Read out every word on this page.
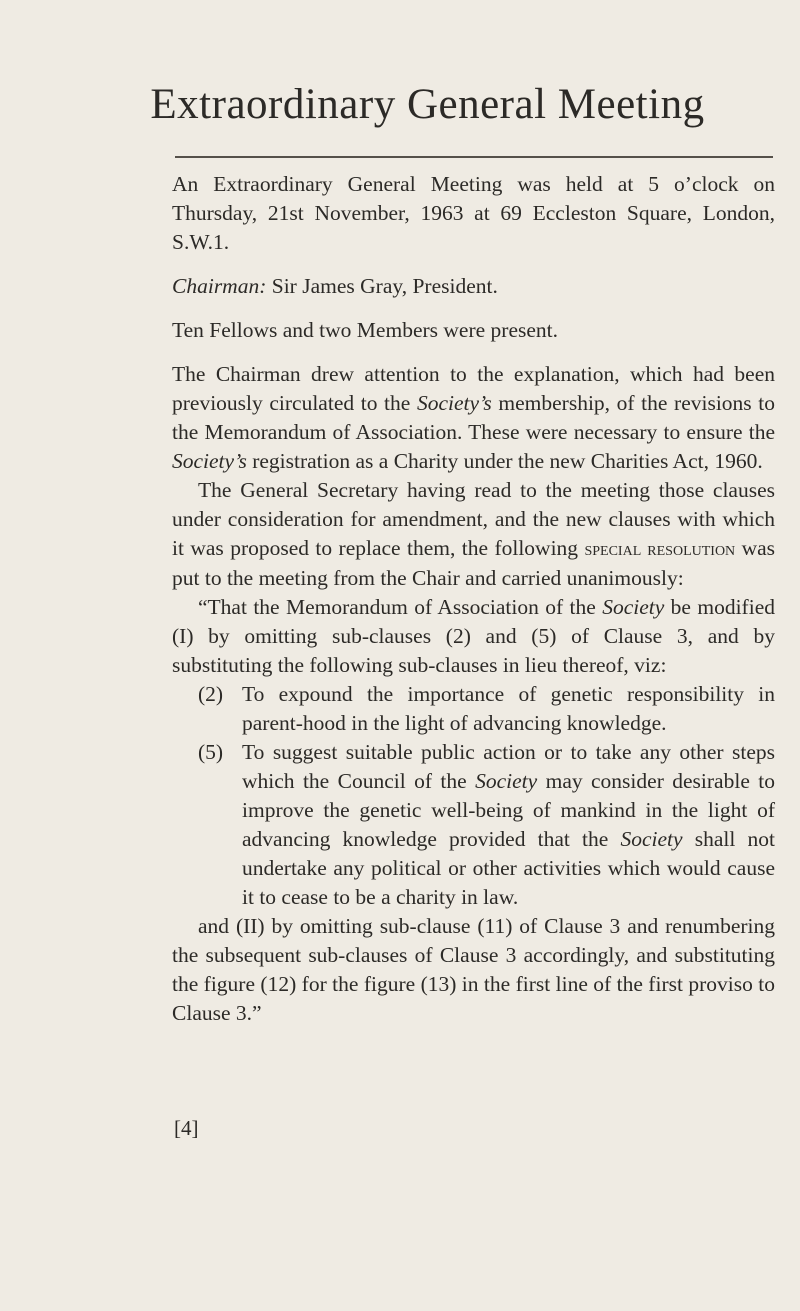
Extraordinary General Meeting

An Extraordinary General Meeting was held at 5 o’clock on Thursday, 21st November, 1963 at 69 Eccleston Square, London, S.W.1.

Chairman: Sir James Gray, President.

Ten Fellows and two Members were present.

The Chairman drew attention to the explanation, which had been previously circulated to the Society’s membership, of the revisions to the Memorandum of Association. These were necessary to ensure the Society’s registration as a Charity under the new Charities Act, 1960.

The General Secretary having read to the meeting those clauses under consideration for amendment, and the new clauses with which it was proposed to replace them, the following special resolution was put to the meeting from the Chair and carried unanimously:

“That the Memorandum of Association of the Society be modified (I) by omitting sub-clauses (2) and (5) of Clause 3, and by substituting the following sub-clauses in lieu thereof, viz:

(2) To expound the importance of genetic responsibility in parent-hood in the light of advancing knowledge.
(5) To suggest suitable public action or to take any other steps which the Council of the Society may consider desirable to improve the genetic well-being of mankind in the light of advancing knowledge provided that the Society shall not undertake any political or other activities which would cause it to cease to be a charity in law.

and (II) by omitting sub-clause (11) of Clause 3 and renumbering the subsequent sub-clauses of Clause 3 accordingly, and substituting the figure (12) for the figure (13) in the first line of the first proviso to Clause 3.”

[4]
